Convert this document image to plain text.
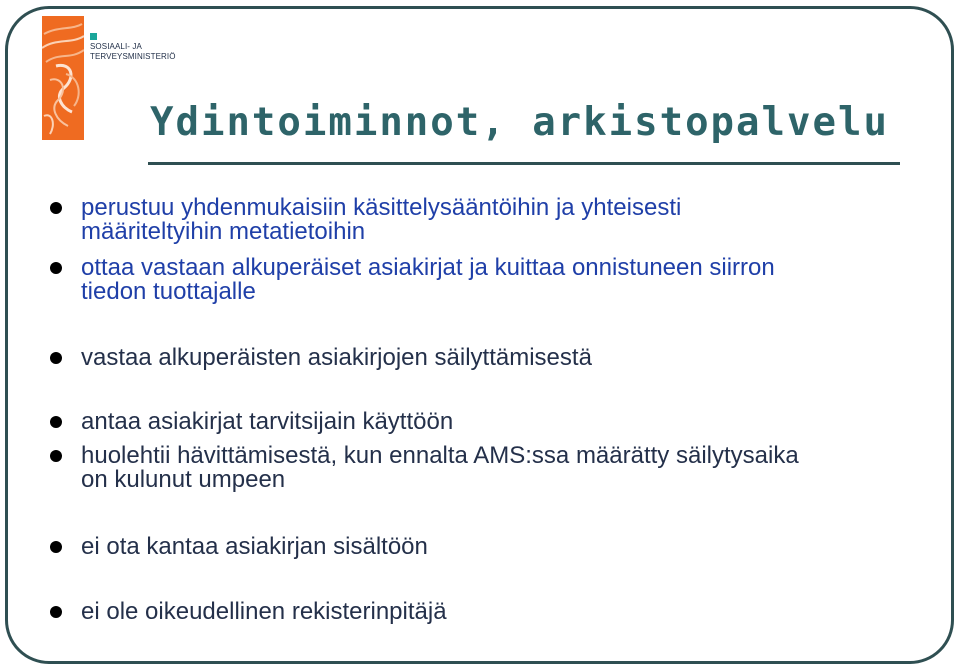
SOSIAALI- JA
TERVEYSMINISTERIÖ
Ydintoiminnot, arkistopalvelu
perustuu yhdenmukaisiin käsittelysääntöihin ja yhteisesti
määriteltyihin metatietoihin
ottaa vastaan alkuperäiset asiakirjat ja kuittaa onnistuneen siirron
tiedon tuottajalle
vastaa alkuperäisten asiakirjojen säilyttämisestä
antaa asiakirjat tarvitsijain käyttöön
huolehtii hävittämisestä, kun ennalta AMS:ssa määrätty säilytysaika
on kulunut umpeen
ei ota kantaa asiakirjan sisältöön
ei ole oikeudellinen rekisterinpitäjä
